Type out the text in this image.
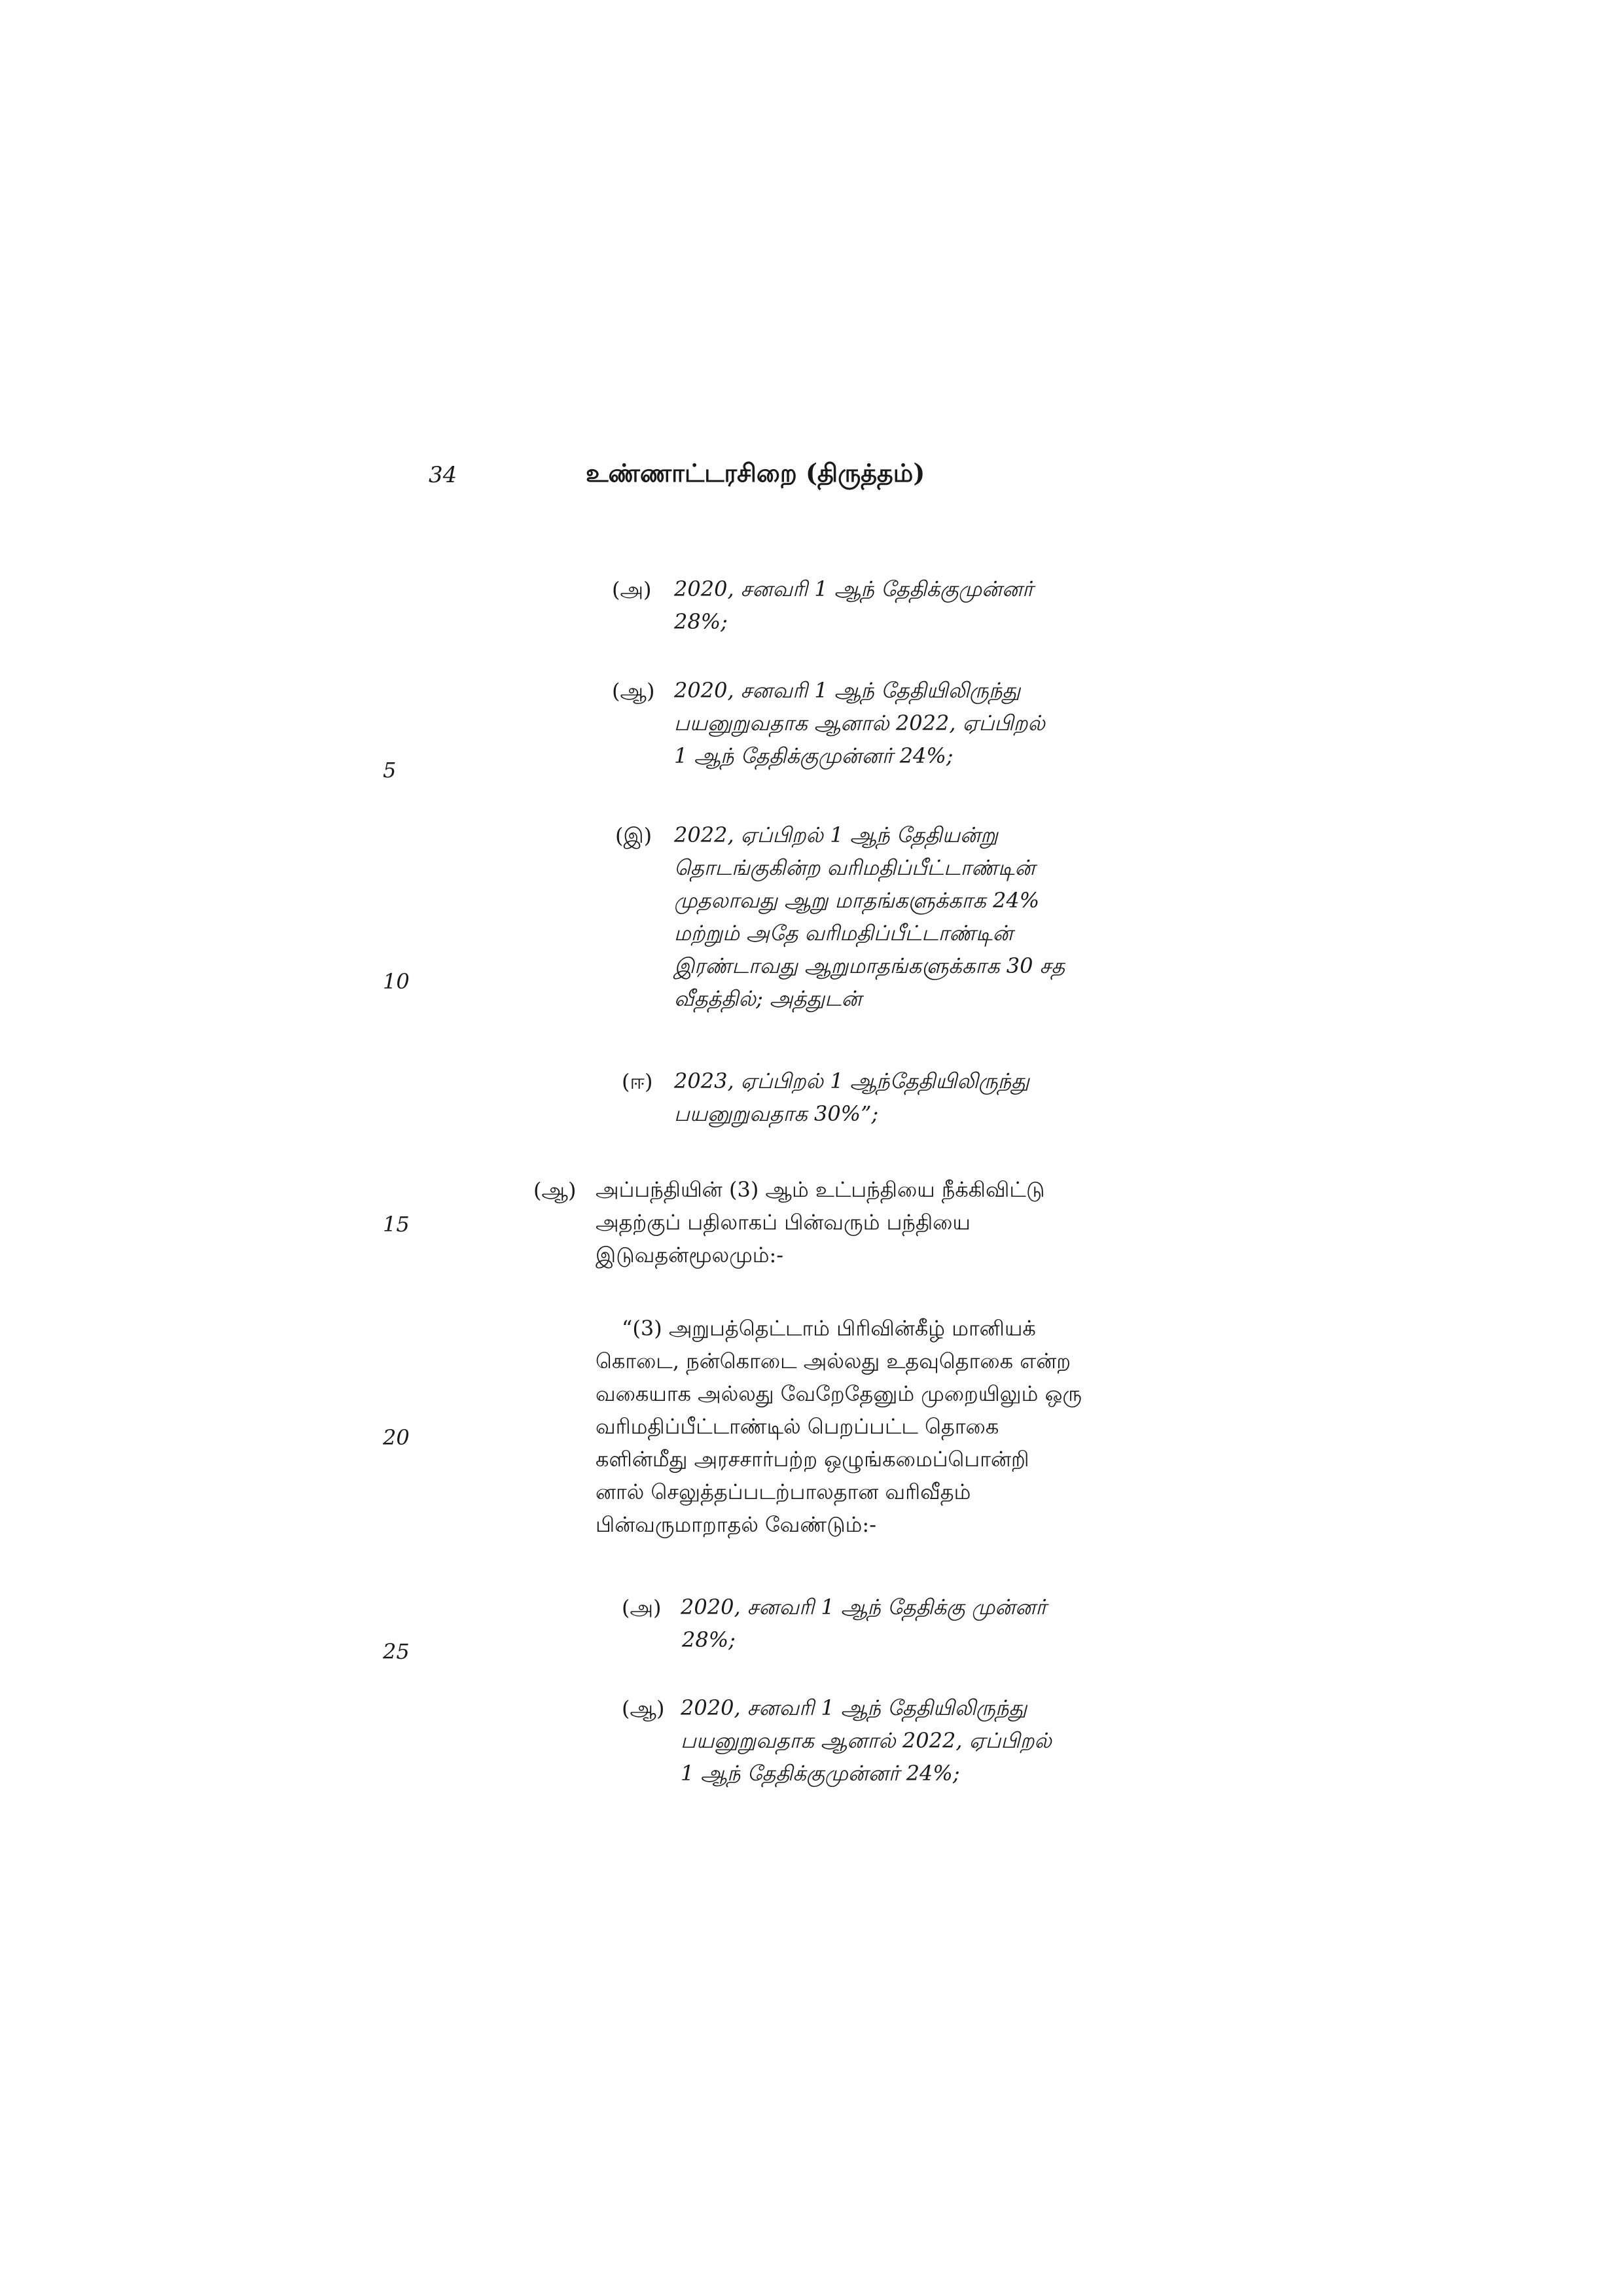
34	உண்ணாட்டரசிறை (திருத்தம்)
5
10
15
20
25
(அ) 2020, சனவரி 1 ஆந் தேதிக்குமுன்னர்
28%;
(ஆ) 2020, சனவரி 1 ஆந் தேதியிலிருந்து
பயனுறுவதாக ஆனால் 2022, ஏப்பிறல்
1 ஆந் தேதிக்குமுன்னர் 24%;
(இ) 2022, ஏப்பிறல் 1 ஆந் தேதியன்று
தொடங்குகின்ற வரிமதிப்பீட்டாண்டின்
முதலாவது ஆறு மாதங்களுக்காக 24%
மற்றும் அதே வரிமதிப்பீட்டாண்டின்
இரண்டாவது ஆறுமாதங்களுக்காக 30 சத
வீதத்தில்; அத்துடன்
(ஈ) 2023, ஏப்பிறல் 1 ஆந்தேதியிலிருந்து
பயனுறுவதாக 30%”;
(ஆ) அப்பந்தியின் (3) ஆம் உட்பந்தியை நீக்கிவிட்டு
அதற்குப் பதிலாகப் பின்வரும் பந்தியை
இடுவதன்மூலமும்:-
“(3) அறுபத்தெட்டாம் பிரிவின்கீழ் மானியக்
கொடை, நன்கொடை அல்லது உதவுதொகை என்ற
வகையாக அல்லது வேறேதேனும் முறையிலும் ஒரு
வரிமதிப்பீட்டாண்டில் பெறப்பட்ட தொகை
களின்மீது அரசசார்பற்ற ஒழுங்கமைப்பொன்றி
னால் செலுத்தப்படற்பாலதான வரிவீதம்
பின்வருமாறாதல் வேண்டும்:-
(அ) 2020, சனவரி 1 ஆந் தேதிக்கு முன்னர்
28%;
(ஆ) 2020, சனவரி 1 ஆந் தேதியிலிருந்து
பயனுறுவதாக ஆனால் 2022, ஏப்பிறல்
1 ஆந் தேதிக்குமுன்னர் 24%;
